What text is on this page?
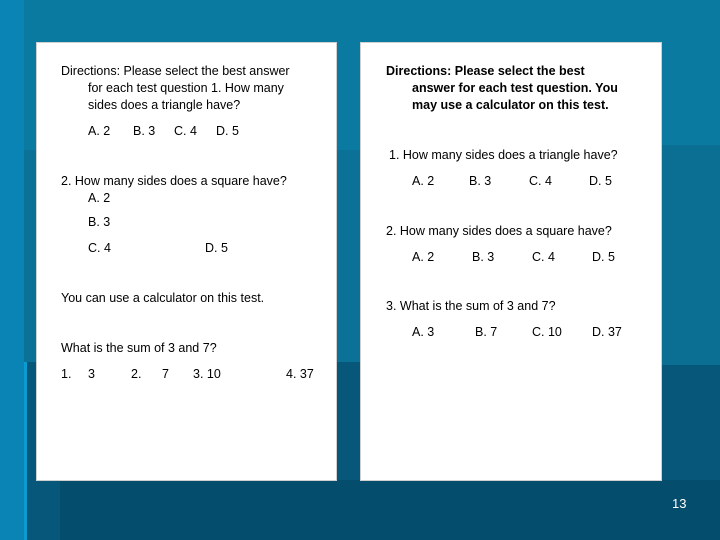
Directions: Please select the best answer
for each test question 1. How many
sides does a triangle have?
A. 2 B. 3 C. 4 D. 5
2. How many sides does a square have?
A. 2
B. 3
C. 4	D. 5
You can use a calculator on this test.
What is the sum of 3 and 7?
1. 3	2. 7 3. 10	4. 37
Directions: Please select the best
answer for each test question. You
may use a calculator on this test.
1. How many sides does a triangle have?
A. 2	B. 3	C. 4	D. 5
2. How many sides does a square have?
A. 2	B. 3	C. 4	D. 5
3. What is the sum of 3 and 7?
A. 3	B. 7	C. 10 D. 37
13
